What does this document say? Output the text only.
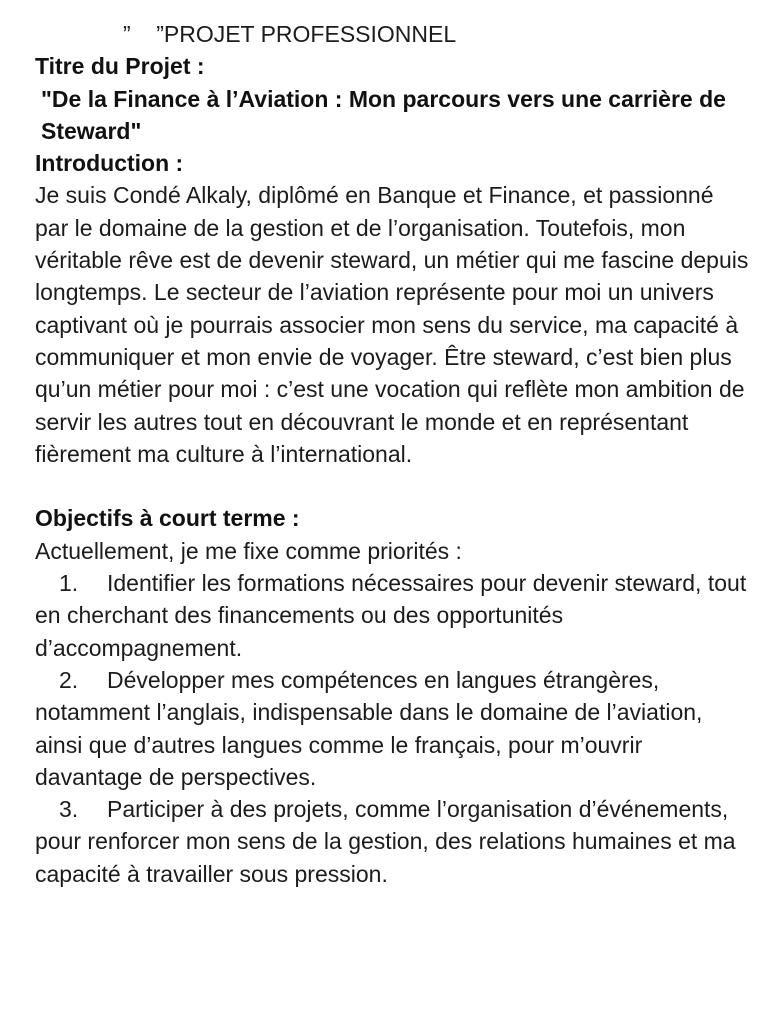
”    ”PROJET PROFESSIONNEL

Titre du Projet :

"De la Finance à l’Aviation : Mon parcours vers une carrière de Steward"

Introduction :

Je suis Condé Alkaly, diplômé en Banque et Finance, et passionné par le domaine de la gestion et de l’organisation. Toutefois, mon véritable rêve est de devenir steward, un métier qui me fascine depuis longtemps. Le secteur de l’aviation représente pour moi un univers captivant où je pourrais associer mon sens du service, ma capacité à communiquer et mon envie de voyager. Être steward, c’est bien plus qu’un métier pour moi : c’est une vocation qui reflète mon ambition de servir les autres tout en découvrant le monde et en représentant fièrement ma culture à l’international.

Objectifs à court terme :

Actuellement, je me fixe comme priorités :

1. Identifier les formations nécessaires pour devenir steward, tout en cherchant des financements ou des opportunités d’accompagnement.

2. Développer mes compétences en langues étrangères, notamment l’anglais, indispensable dans le domaine de l’aviation, ainsi que d’autres langues comme le français, pour m’ouvrir davantage de perspectives.

3. Participer à des projets, comme l’organisation d’événements, pour renforcer mon sens de la gestion, des relations humaines et ma capacité à travailler sous pression.
